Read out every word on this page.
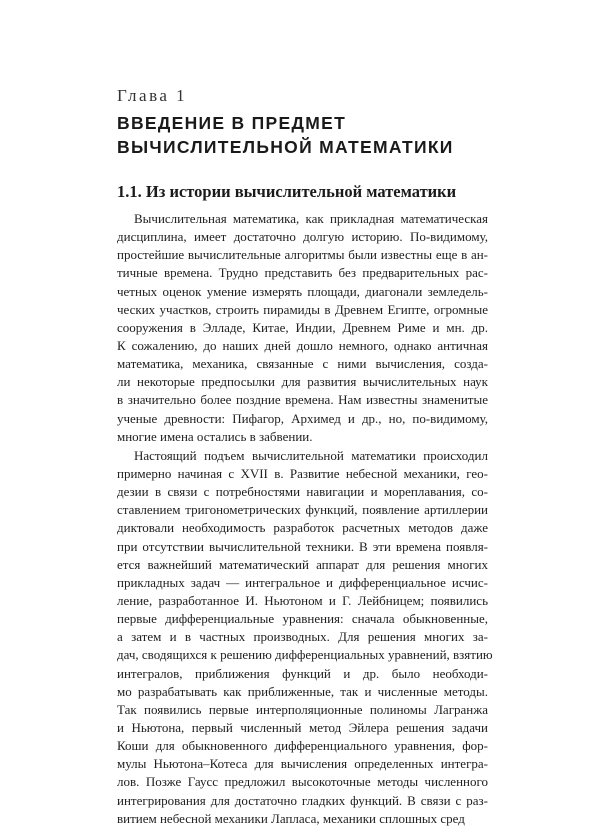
Глава 1
ВВЕДЕНИЕ В ПРЕДМЕТ
ВЫЧИСЛИТЕЛЬНОЙ МАТЕМАТИКИ
1.1. Из истории вычислительной математики
Вычислительная математика, как прикладная математическая
дисциплина, имеет достаточно долгую историю. По-видимому,
простейшие вычислительные алгоритмы были известны еще в ан-
тичные времена. Трудно представить без предварительных рас-
четных оценок умение измерять площади, диагонали земледель-
ческих участков, строить пирамиды в Древнем Египте, огромные
сооружения в Элладе, Китае, Индии, Древнем Риме и мн. др.
К сожалению, до наших дней дошло немного, однако античная
математика, механика, связанные с ними вычисления, созда-
ли некоторые предпосылки для развития вычислительных наук
в значительно более поздние времена. Нам известны знаменитые
ученые древности: Пифагор, Архимед и др., но, по-видимому,
многие имена остались в забвении.
Настоящий подъем вычислительной математики происходил
примерно начиная с XVII в. Развитие небесной механики, гео-
дезии в связи с потребностями навигации и мореплавания, со-
ставлением тригонометрических функций, появление артиллерии
диктовали необходимость разработок расчетных методов даже
при отсутствии вычислительной техники. В эти времена появля-
ется важнейший математический аппарат для решения многих
прикладных задач — интегральное и дифференциальное исчис-
ление, разработанное И. Ньютоном и Г. Лейбницем; появились
первые дифференциальные уравнения: сначала обыкновенные,
а затем и в частных производных. Для решения многих за-
дач, сводящихся к решению дифференциальных уравнений, взятию
интегралов, приближения функций и др. было необходи-
мо разрабатывать как приближенные, так и численные методы.
Так появились первые интерполяционные полиномы Лагранжа
и Ньютона, первый численный метод Эйлера решения задачи
Коши для обыкновенного дифференциального уравнения, фор-
мулы Ньютона–Котеса для вычисления определенных интегра-
лов. Позже Гаусс предложил высокоточные методы численного
интегрирования для достаточно гладких функций. В связи с раз-
витием небесной механики Лапласа, механики сплошных сред
